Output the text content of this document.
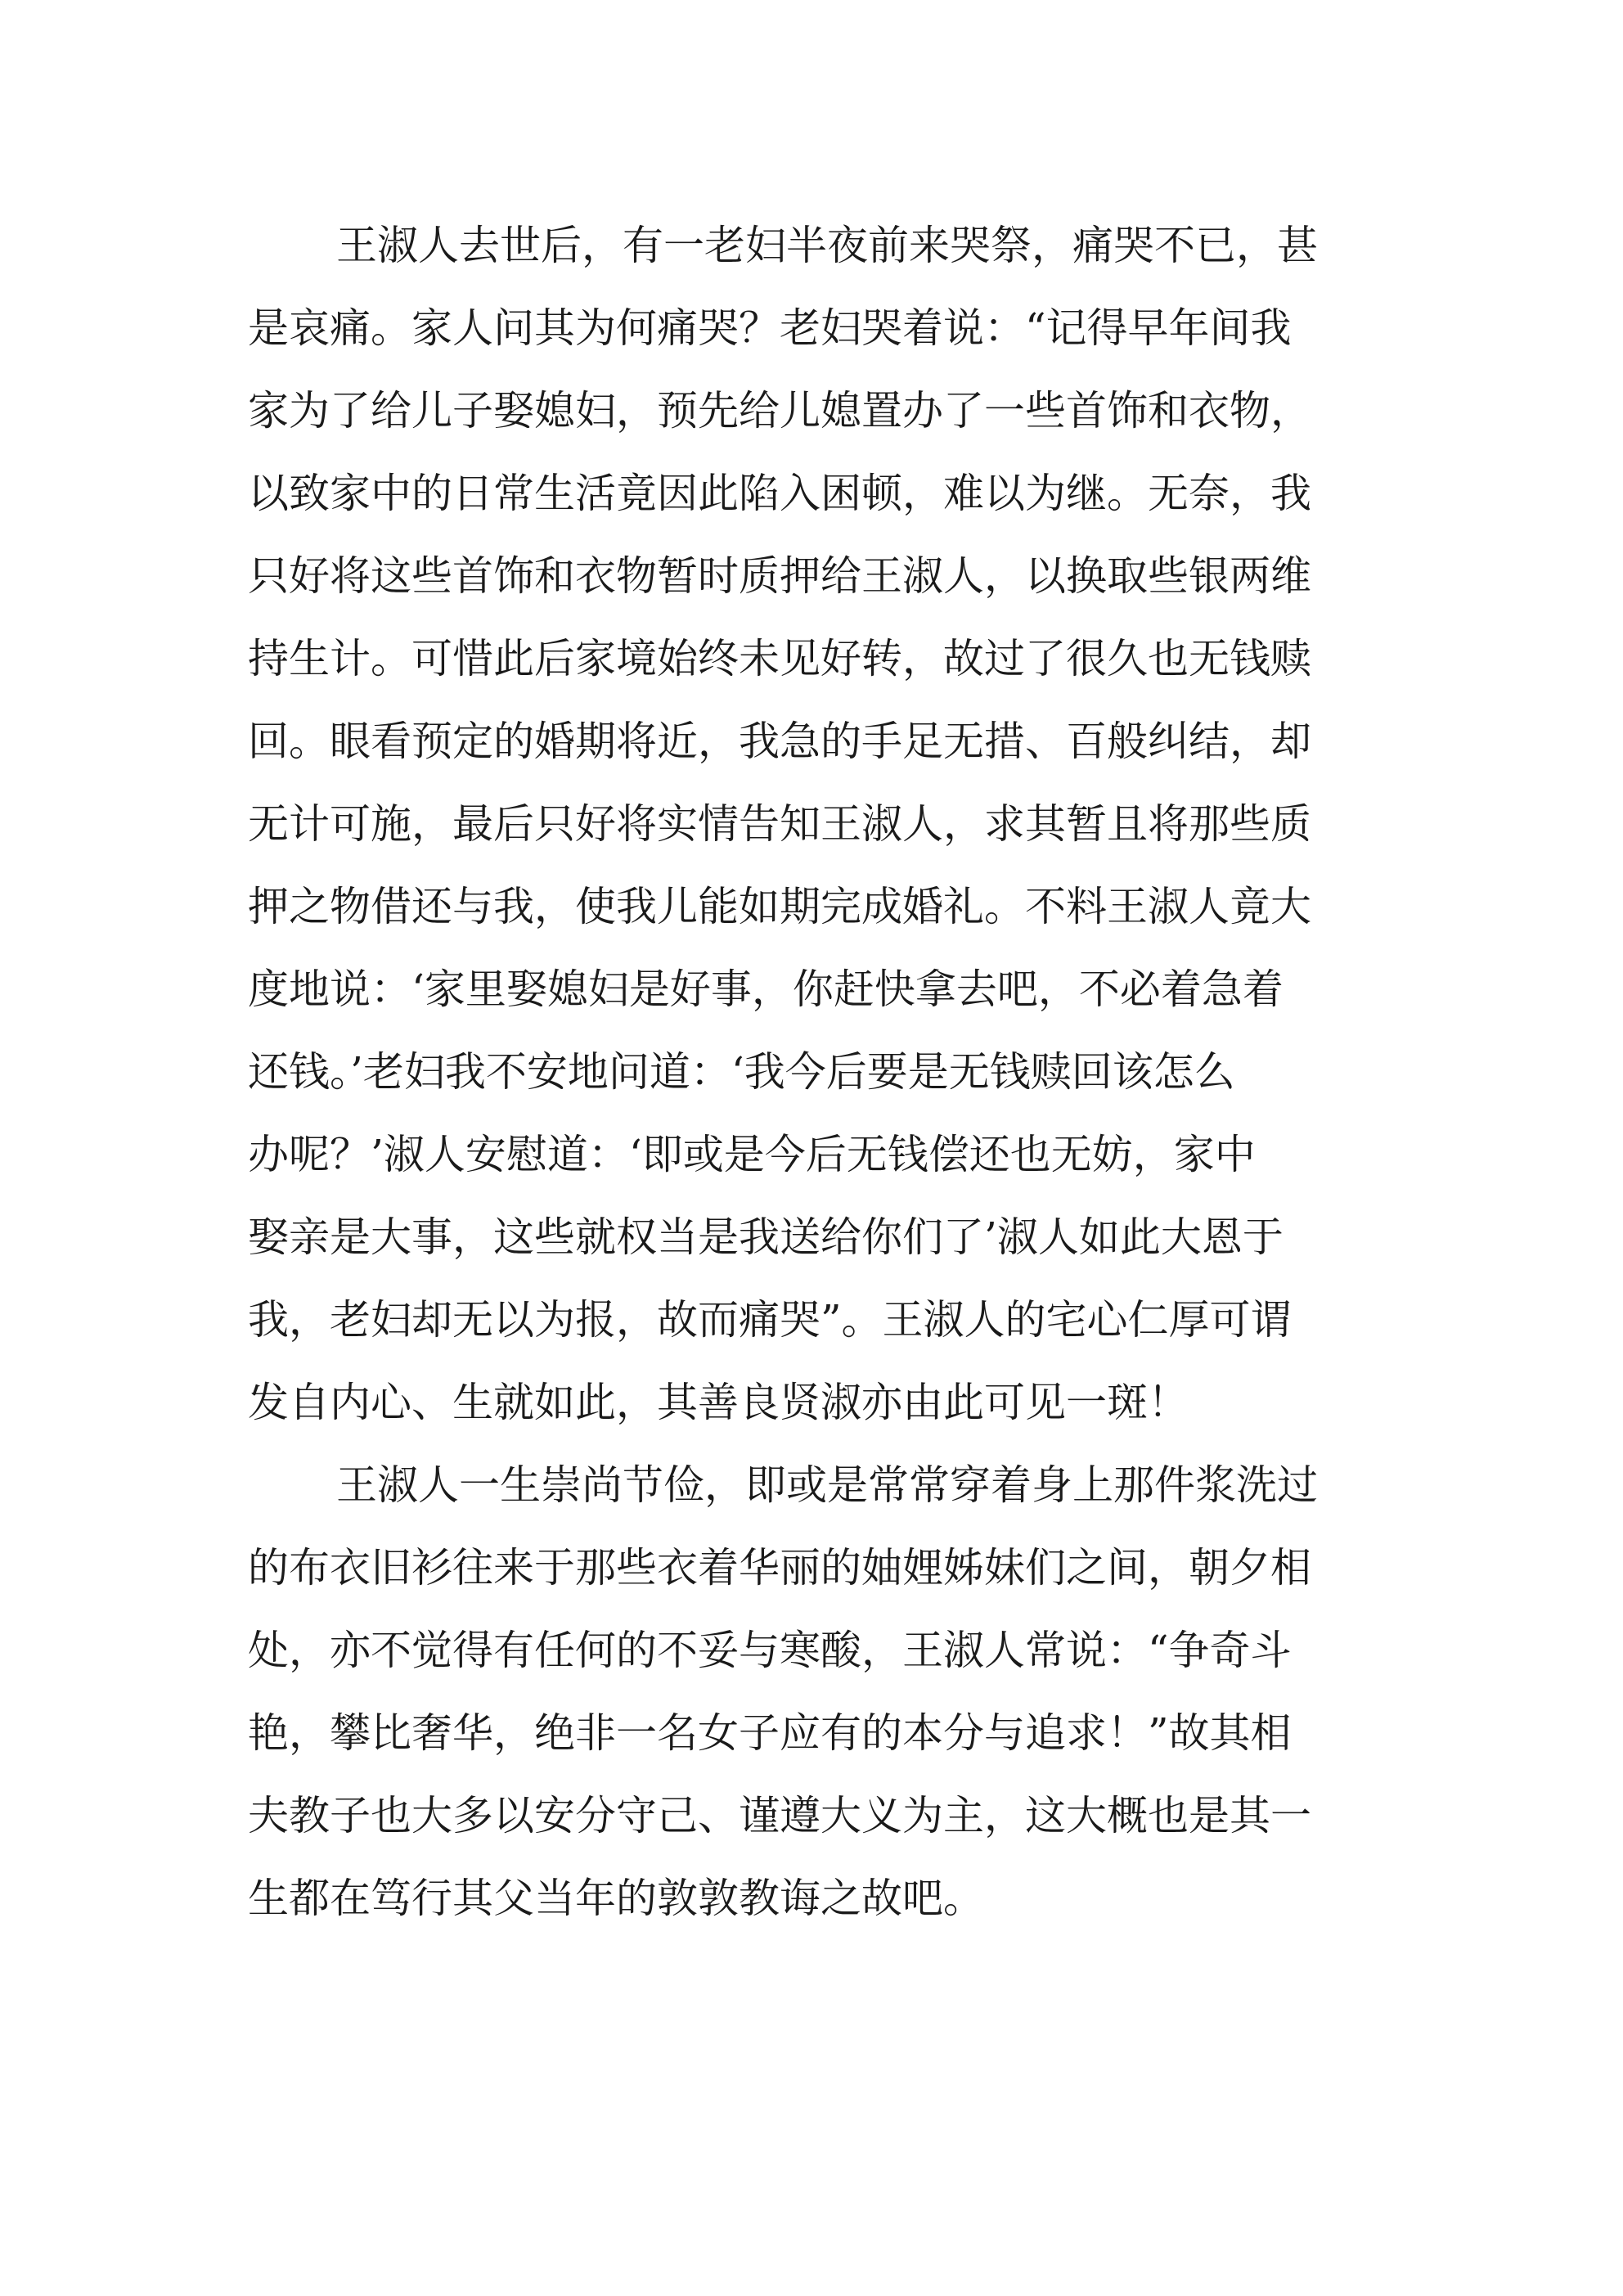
王淑人去世后，有一老妇半夜前来哭祭，痛哭不已，甚
是哀痛。家人问其为何痛哭？老妇哭着说：“记得早年间我
家为了给儿子娶媳妇，预先给儿媳置办了一些首饰和衣物，
以致家中的日常生活竟因此陷入困顿，难以为继。无奈，我
只好将这些首饰和衣物暂时质押给王淑人，以换取些银两维
持生计。可惜此后家境始终未见好转，故过了很久也无钱赎
回。眼看预定的婚期将近，我急的手足无措、百般纠结，却
无计可施，最后只好将实情告知王淑人，求其暂且将那些质
押之物借还与我，使我儿能如期完成婚礼。不料王淑人竟大
度地说：‘家里娶媳妇是好事，你赶快拿去吧，不必着急着
还钱。’老妇我不安地问道：‘我今后要是无钱赎回该怎么
办呢？’淑人安慰道：‘即或是今后无钱偿还也无妨，家中
娶亲是大事，这些就权当是我送给你们了’淑人如此大恩于
我，老妇却无以为报，故而痛哭”。王淑人的宅心仁厚可谓
发自内心、生就如此，其善良贤淑亦由此可见一斑！
王淑人一生崇尚节俭，即或是常常穿着身上那件浆洗过
的布衣旧衫往来于那些衣着华丽的妯娌姊妹们之间，朝夕相
处，亦不觉得有任何的不妥与寒酸，王淑人常说：“争奇斗
艳，攀比奢华，绝非一名女子应有的本分与追求！”故其相
夫教子也大多以安分守己、谨遵大义为主，这大概也是其一
生都在笃行其父当年的敦敦教诲之故吧。
